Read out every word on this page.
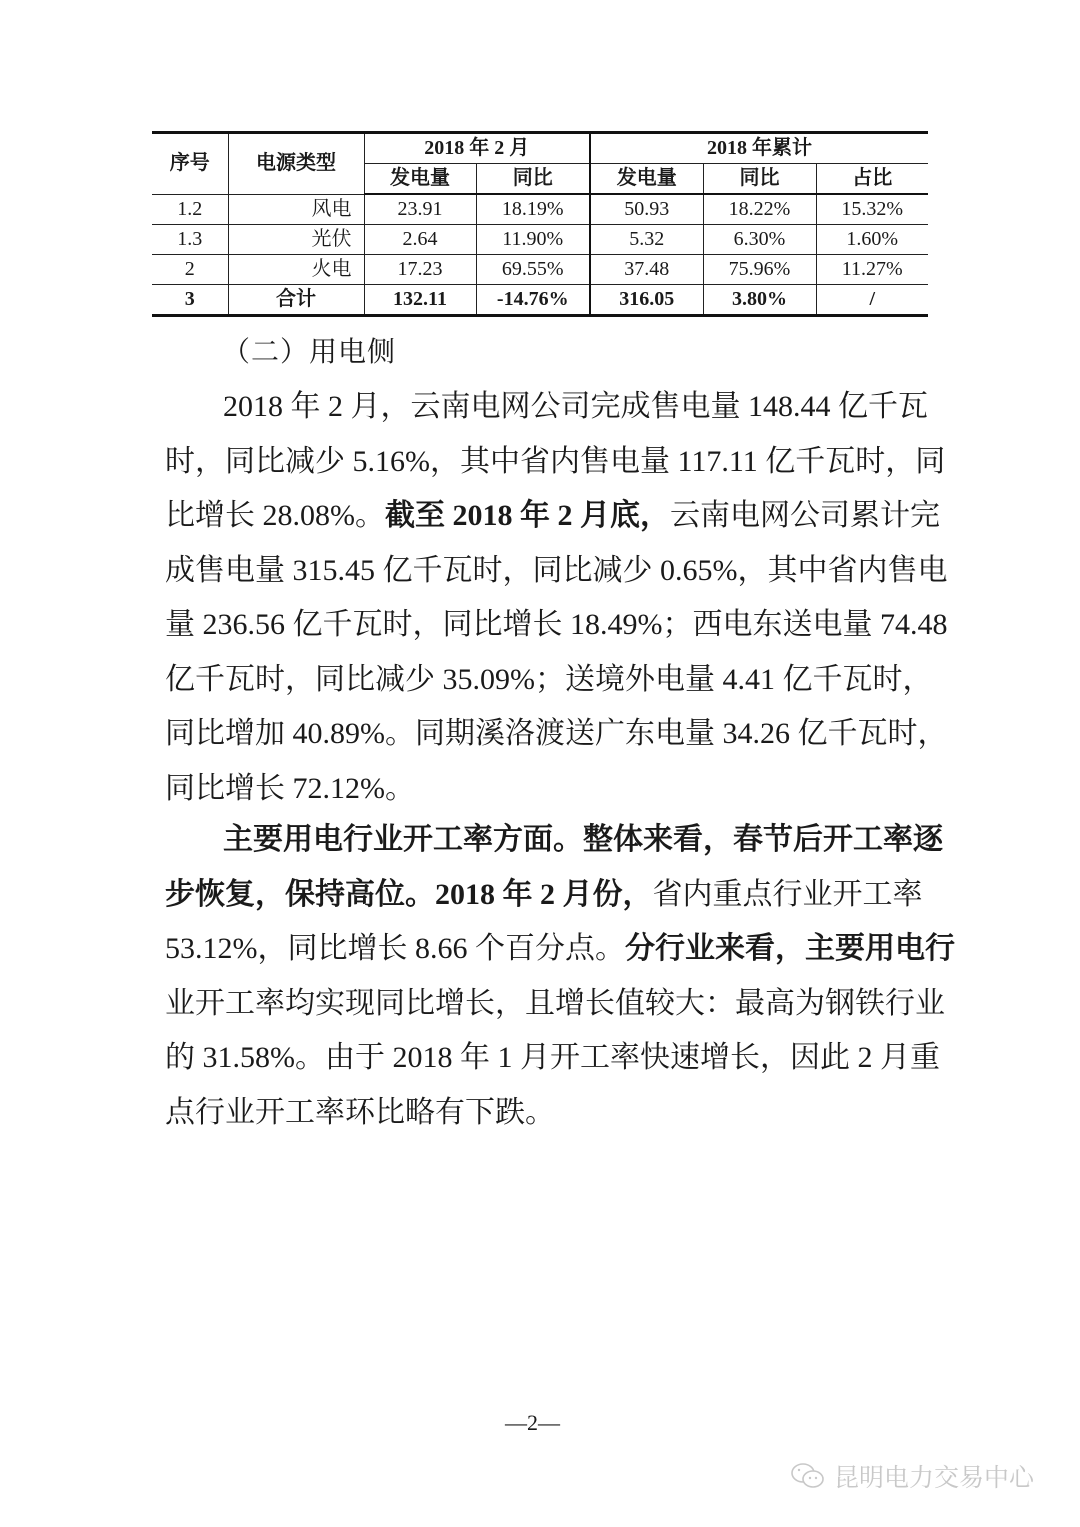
序号	电源类型	2018 年 2 月		2018 年累计		
		发电量	同比	发电量	同比	占比
1.2	风电	23.91	18.19%	50.93	18.22%	15.32%
1.3	光伏	2.64	11.90%	5.32	6.30%	1.60%
2	火电	17.23	69.55%	37.48	75.96%	11.27%
3	合计	132.11	-14.76%	316.05	3.80%	/
（二）用电侧
2018 年 2 月，云南电网公司完成售电量 148.44 亿千瓦
时，同比减少 5.16%，其中省内售电量 117.11 亿千瓦时，同
比增长 28.08%。截至 2018 年 2 月底，云南电网公司累计完
成售电量 315.45 亿千瓦时，同比减少 0.65%，其中省内售电
量 236.56 亿千瓦时，同比增长 18.49%；西电东送电量 74.48
亿千瓦时，同比减少 35.09%；送境外电量 4.41 亿千瓦时，
同比增加 40.89%。同期溪洛渡送广东电量 34.26 亿千瓦时，
同比增长 72.12%。
主要用电行业开工率方面。整体来看，春节后开工率逐
步恢复，保持高位。2018 年 2 月份，省内重点行业开工率
53.12%，同比增长 8.66 个百分点。分行业来看，主要用电行
业开工率均实现同比增长，且增长值较大：最高为钢铁行业
的 31.58%。由于 2018 年 1 月开工率快速增长，因此 2 月重
点行业开工率环比略有下跌。
—2—
昆明电力交易中心
